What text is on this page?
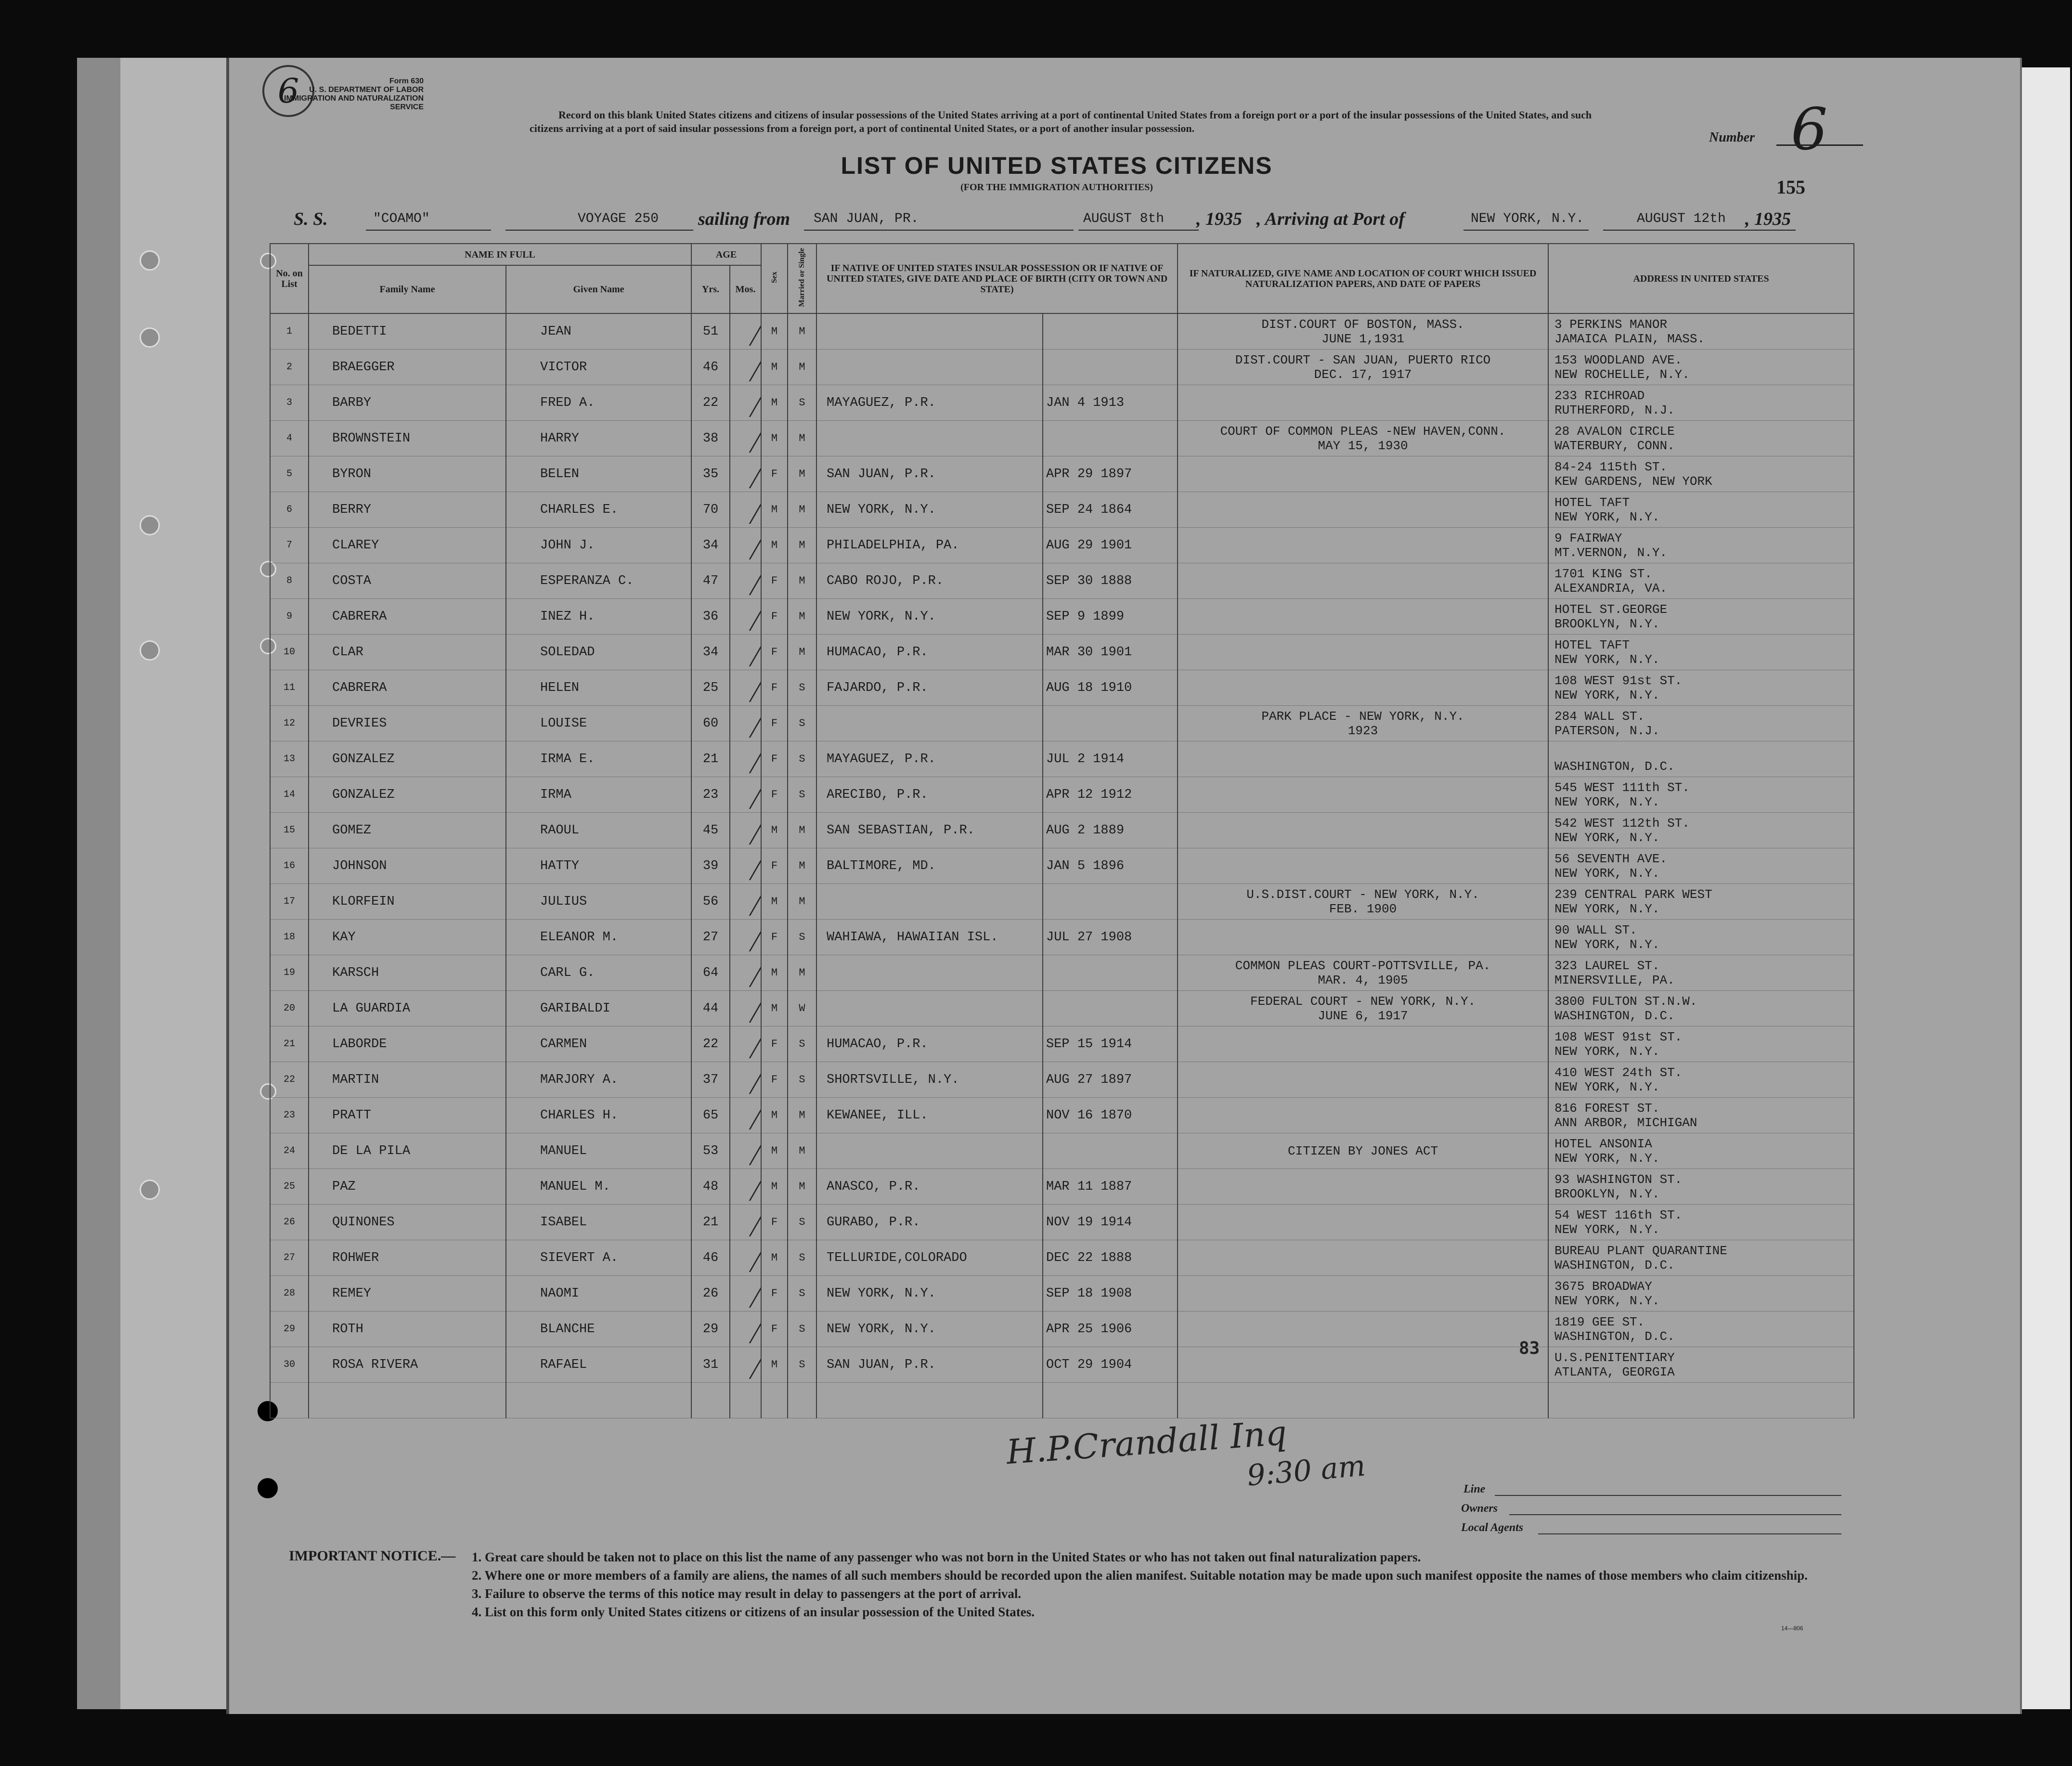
6	Form 630
U. S. DEPARTMENT OF LABOR
IMMIGRATION AND NATURALIZATION SERVICE
Record on this blank United States citizens and citizens of insular possessions of the United States arriving at a port of continental United States from a foreign port or a port of the insular possessions of the United States, and such citizens arriving at a port of said insular possessions from a foreign port, a port of continental United States, or a port of another insular possession.
Number 6
LIST OF UNITED STATES CITIZENS
(FOR THE IMMIGRATION AUTHORITIES)	155
S. S.	"COAMO"	VOYAGE 250 sailing from SAN JUAN, PR.	AUGUST 8th , 1935 , Arriving at Port of	NEW YORK, N.Y.	AUGUST 12th , 1935
No. on List	NAME IN FULL		AGE		Sex	Married or Single	IF NATIVE OF UNITED STATES INSULAR POSSESSION OR IF NATIVE OF UNITED STATES, GIVE DATE AND PLACE OF BIRTH (CITY OR TOWN AND STATE)		IF NATURALIZED, GIVE NAME AND LOCATION OF COURT WHICH ISSUED NATURALIZATION PAPERS, AND DATE OF PAPERS	ADDRESS IN UNITED STATES
	Family Name	Given Name	Yrs.	Mos.						
1	BEDETTI	JEAN	51		M	M			DIST.COURT OF BOSTON, MASS.
JUNE 1,1931	3 PERKINS MANOR
JAMAICA PLAIN, MASS.
2	BRAEGGER	VICTOR	46		M	M			DIST.COURT - SAN JUAN, PUERTO RICO
DEC. 17, 1917	153 WOODLAND AVE.
NEW ROCHELLE, N.Y.
3	BARBY	FRED A.	22		M	S	MAYAGUEZ, P.R.	JAN 4 1913		233 RICHROAD
RUTHERFORD, N.J.
4	BROWNSTEIN	HARRY	38		M	M			COURT OF COMMON PLEAS -NEW HAVEN,CONN.
MAY 15, 1930	28 AVALON CIRCLE
WATERBURY, CONN.
5	BYRON	BELEN	35		F	M	SAN JUAN, P.R.	APR 29 1897		84-24 115th ST.
KEW GARDENS, NEW YORK
6	BERRY	CHARLES E.	70		M	M	NEW YORK, N.Y.	SEP 24 1864		HOTEL TAFT
NEW YORK, N.Y.
7	CLAREY	JOHN J.	34		M	M	PHILADELPHIA, PA.	AUG 29 1901		9 FAIRWAY
MT.VERNON, N.Y.
8	COSTA	ESPERANZA C.	47		F	M	CABO ROJO, P.R.	SEP 30 1888		1701 KING ST.
ALEXANDRIA, VA.
9	CABRERA	INEZ H.	36		F	M	NEW YORK, N.Y.	SEP 9 1899		HOTEL ST.GEORGE
BROOKLYN, N.Y.
10	CLAR	SOLEDAD	34		F	M	HUMACAO, P.R.	MAR 30 1901		HOTEL TAFT
NEW YORK, N.Y.
11	CABRERA	HELEN	25		F	S	FAJARDO, P.R.	AUG 18 1910		108 WEST 91st ST.
NEW YORK, N.Y.
12	DEVRIES	LOUISE	60		F	S			PARK PLACE - NEW YORK, N.Y.
1923	284 WALL ST.
PATERSON, N.J.
13	GONZALEZ	IRMA E.	21		F	S	MAYAGUEZ, P.R.	JUL 2 1914		
WASHINGTON, D.C.
14	GONZALEZ	IRMA	23		F	S	ARECIBO, P.R.	APR 12 1912		545 WEST 111th ST.
NEW YORK, N.Y.
15	GOMEZ	RAOUL	45		M	M	SAN SEBASTIAN, P.R.	AUG 2 1889		542 WEST 112th ST.
NEW YORK, N.Y.
16	JOHNSON	HATTY	39		F	M	BALTIMORE, MD.	JAN 5 1896		56 SEVENTH AVE.
NEW YORK, N.Y.
17	KLORFEIN	JULIUS	56		M	M			U.S.DIST.COURT - NEW YORK, N.Y.
FEB. 1900	239 CENTRAL PARK WEST
NEW YORK, N.Y.
18	KAY	ELEANOR M.	27		F	S	WAHIAWA, HAWAIIAN ISL.	JUL 27 1908		90 WALL ST.
NEW YORK, N.Y.
19	KARSCH	CARL G.	64		M	M			COMMON PLEAS COURT-POTTSVILLE, PA.
MAR. 4, 1905	323 LAUREL ST.
MINERSVILLE, PA.
20	LA GUARDIA	GARIBALDI	44		M	W			FEDERAL COURT - NEW YORK, N.Y.
JUNE 6, 1917	3800 FULTON ST.N.W.
WASHINGTON, D.C.
21	LABORDE	CARMEN	22		F	S	HUMACAO, P.R.	SEP 15 1914		108 WEST 91st ST.
NEW YORK, N.Y.
22	MARTIN	MARJORY A.	37		F	S	SHORTSVILLE, N.Y.	AUG 27 1897		410 WEST 24th ST.
NEW YORK, N.Y.
23	PRATT	CHARLES H.	65		M	M	KEWANEE, ILL.	NOV 16 1870		816 FOREST ST.
ANN ARBOR, MICHIGAN
24	DE LA PILA	MANUEL	53		M	M			CITIZEN BY JONES ACT	HOTEL ANSONIA
NEW YORK, N.Y.
25	PAZ	MANUEL M.	48		M	M	ANASCO, P.R.	MAR 11 1887		93 WASHINGTON ST.
BROOKLYN, N.Y.
26	QUINONES	ISABEL	21		F	S	GURABO, P.R.	NOV 19 1914		54 WEST 116th ST.
NEW YORK, N.Y.
27	ROHWER	SIEVERT A.	46		M	S	TELLURIDE,COLORADO	DEC 22 1888		BUREAU PLANT QUARANTINE
WASHINGTON, D.C.
28	REMEY	NAOMI	26		F	S	NEW YORK, N.Y.	SEP 18 1908		3675 BROADWAY
NEW YORK, N.Y.
29	ROTH	BLANCHE	29		F	S	NEW YORK, N.Y.	APR 25 1906		1819 GEE ST.
WASHINGTON, D.C.
30	ROSA RIVERA	RAFAEL	31		M	S	SAN JUAN, P.R.	OCT 29 1904		U.S.PENITENTIARY
ATLANTA, GEORGIA

83
H.P.Crandall Inq
9:30 am	Line
Owners
Local Agents
IMPORTANT NOTICE.— 1. Great care should be taken not to place on this list the name of any passenger who was not born in the United States or who has not taken out final naturalization papers.
2. Where one or more members of a family are aliens, the names of all such members should be recorded upon the alien manifest. Suitable notation may be made upon such manifest opposite the names of those members who claim citizenship.
3. Failure to observe the terms of this notice may result in delay to passengers at the port of arrival.
4. List on this form only United States citizens or citizens of an insular possession of the United States.
14—806
